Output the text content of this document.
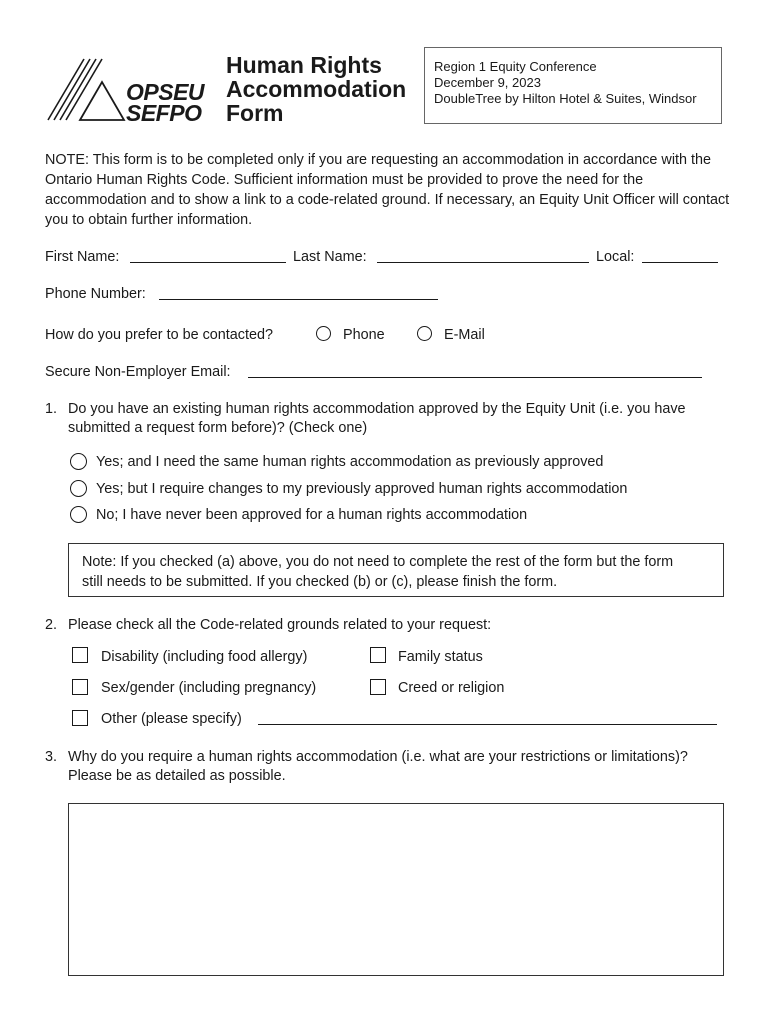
OPSEU
SEFPO
Human Rights
Accommodation
Form
Region 1 Equity Conference
December 9, 2023
DoubleTree by Hilton Hotel & Suites, Windsor
NOTE: This form is to be completed only if you are requesting an accommodation in accordance with the Ontario Human Rights Code. Sufficient information must be provided to prove the need for the accommodation and to show a link to a code-related ground. If necessary, an Equity Unit Officer will contact you to obtain further information.
First Name:	Last Name:	Local:
Phone Number:
How do you prefer to be contacted?	Phone	E-Mail
Secure Non-Employer Email:
1. Do you have an existing human rights accommodation approved by the Equity Unit (i.e. you have
submitted a request form before)? (Check one)
Yes; and I need the same human rights accommodation as previously approved
Yes; but I require changes to my previously approved human rights accommodation
No; I have never been approved for a human rights accommodation
Note: If you checked (a) above, you do not need to complete the rest of the form but the form
still needs to be submitted. If you checked (b) or (c), please finish the form.
2. Please check all the Code-related grounds related to your request:
Disability (including food allergy)	Family status
Sex/gender (including pregnancy)	Creed or religion
Other (please specify)
3. Why do you require a human rights accommodation (i.e. what are your restrictions or limitations)?
Please be as detailed as possible.
